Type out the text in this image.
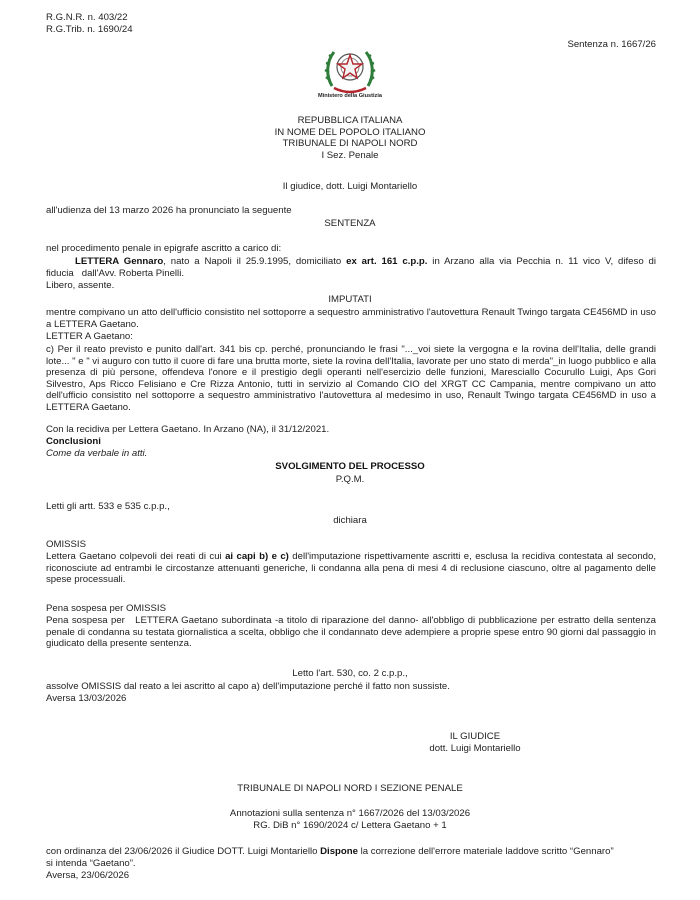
R.G.N.R. n. 403/22
R.G.Trib. n. 1690/24
Sentenza n. 1667/26
Ministero della Giustizia
REPUBBLICA ITALIANA
IN NOME DEL POPOLO ITALIANO
TRIBUNALE DI NAPOLI NORD
I Sez. Penale
Il giudice, dott. Luigi Montariello
all'udienza del 13 marzo 2026 ha pronunciato la seguente
SENTENZA
nel procedimento penale in epigrafe ascritto a carico di:
LETTERA Gennaro, nato a Napoli il 25.9.1995, domiciliato ex art. 161 c.p.p. in Arzano alla via Pecchia n. 11 vico V, difeso di
fiducia   dall'Avv. Roberta Pinelli.
Libero, assente.
IMPUTATI
mentre compivano un atto dell'ufficio consistito nel sottoporre a sequestro amministrativo l'autovettura Renault Twingo targata CE456MD in uso a LETTERA Gaetano.
LETTER A Gaetano:
c) Per il reato previsto e punito dall'art. 341 bis cp. perché, pronunciando le frasi "..._voi siete la vergogna e la rovina dell'Italia, delle grandi lote... " e " vi auguro con tutto il cuore di fare una brutta morte, siete la rovina dell'Italia, lavorate per uno stato di merda"_in luogo pubblico e alla presenza di più persone, offendeva l'onore e il prestigio degli operanti nell'esercizio delle funzioni, Maresciallo Cocurullo Luigi, Aps Gori Silvestro, Aps Ricco Felisiano e Cre Rizza Antonio, tutti in servizio al Comando CIO del XRGT CC Campania, mentre compivano un atto dell'ufficio consistito nel sottoporre a sequestro amministrativo l'autovettura al medesimo in uso, Renault Twingo targata CE456MD in uso a LETTERA Gaetano.
Con la recidiva per Lettera Gaetano. In Arzano (NA), il 31/12/2021.
Conclusioni
Come da verbale in atti.
SVOLGIMENTO DEL PROCESSO
P.Q.M.
Letti gli artt. 533 e 535 c.p.p.,
dichiara
OMISSIS
Lettera Gaetano colpevoli dei reati di cui ai capi b) e c) dell'imputazione rispettivamente ascritti e, esclusa la recidiva contestata al secondo, riconosciute ad entrambi le circostanze attenuanti generiche, li condanna alla pena di mesi 4 di reclusione ciascuno, oltre al pagamento delle spese processuali.
Pena sospesa per OMISSIS
Pena sospesa per   LETTERA Gaetano subordinata -a titolo di riparazione del danno- all'obbligo di pubblicazione per estratto della sentenza penale di condanna su testata giornalistica a scelta, obbligo che il condannato deve adempiere a proprie spese entro 90 giorni dal passaggio in giudicato della presente sentenza.
Letto l'art. 530, co. 2 c.p.p.,
assolve OMISSIS dal reato a lei ascritto al capo a) dell'imputazione perché il fatto non sussiste.
Aversa 13/03/2026
IL GIUDICE
dott. Luigi Montariello
TRIBUNALE DI NAPOLI NORD I SEZIONE PENALE
Annotazioni sulla sentenza n° 1667/2026 del 13/03/2026
RG. DiB n° 1690/2024 c/ Lettera Gaetano + 1
con ordinanza del 23/06/2026 il Giudice DOTT. Luigi Montariello Dispone la correzione dell'errore materiale laddove scritto “Gennaro”
si intenda “Gaetano”.
Aversa, 23/06/2026
